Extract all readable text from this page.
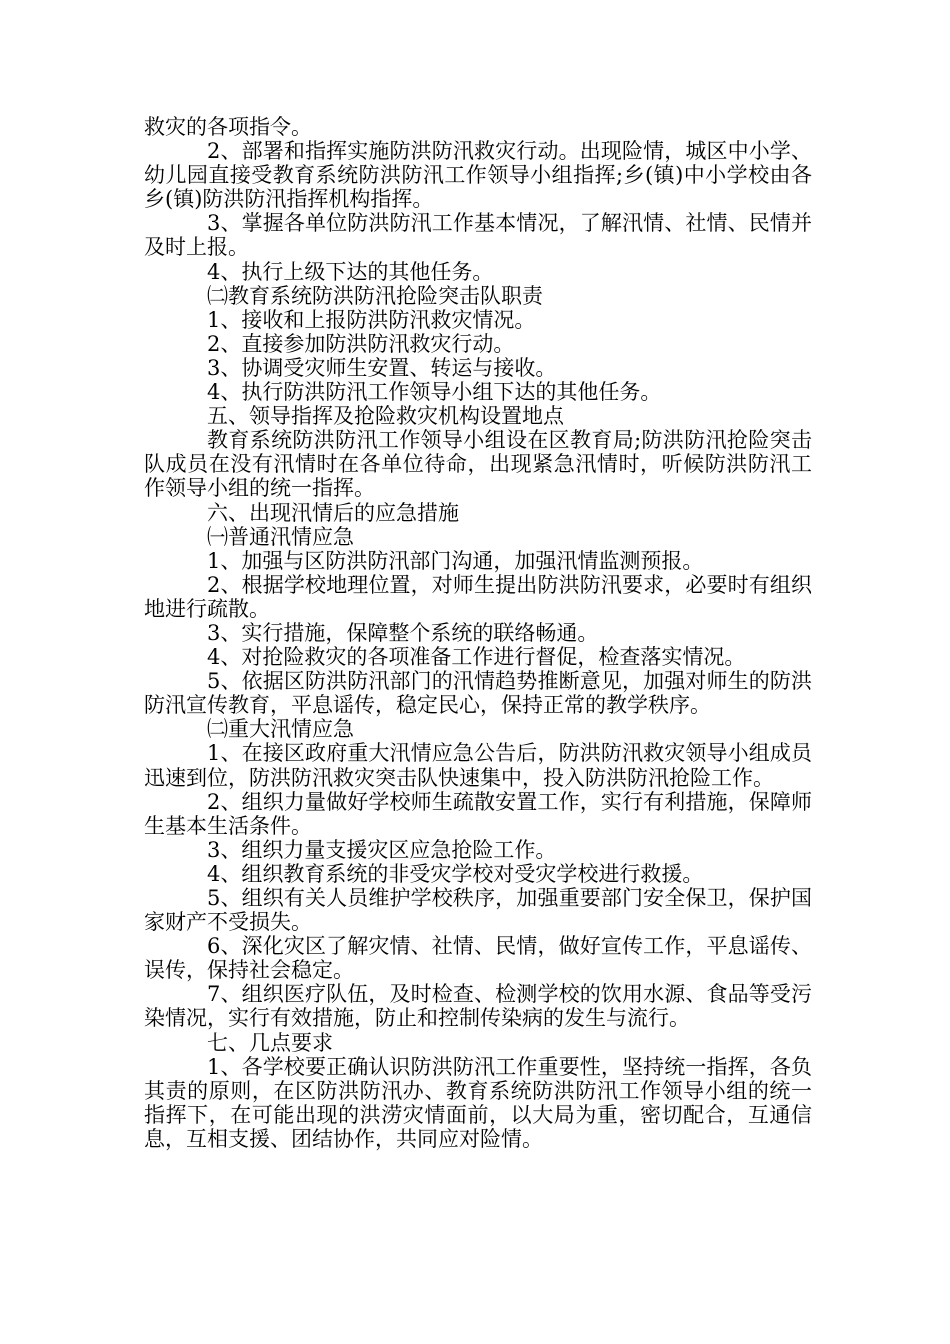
救灾的各项指令。

2、部署和指挥实施防洪防汛救灾行动。出现险情，城区中小学、幼儿园直接受教育系统防洪防汛工作领导小组指挥;乡(镇)中小学校由各乡(镇)防洪防汛指挥机构指挥。

3、掌握各单位防洪防汛工作基本情况，了解汛情、社情、民情并及时上报。

4、执行上级下达的其他任务。

㈡教育系统防洪防汛抢险突击队职责

1、接收和上报防洪防汛救灾情况。

2、直接参加防洪防汛救灾行动。

3、协调受灾师生安置、转运与接收。

4、执行防洪防汛工作领导小组下达的其他任务。

五、领导指挥及抢险救灾机构设置地点

教育系统防洪防汛工作领导小组设在区教育局;防洪防汛抢险突击队成员在没有汛情时在各单位待命，出现紧急汛情时，听候防洪防汛工作领导小组的统一指挥。

六、出现汛情后的应急措施

㈠普通汛情应急

1、加强与区防洪防汛部门沟通，加强汛情监测预报。

2、根据学校地理位置，对师生提出防洪防汛要求，必要时有组织地进行疏散。

3、实行措施，保障整个系统的联络畅通。

4、对抢险救灾的各项准备工作进行督促，检查落实情况。

5、依据区防洪防汛部门的汛情趋势推断意见，加强对师生的防洪防汛宣传教育，平息谣传，稳定民心，保持正常的教学秩序。

㈡重大汛情应急

1、在接区政府重大汛情应急公告后，防洪防汛救灾领导小组成员迅速到位，防洪防汛救灾突击队快速集中，投入防洪防汛抢险工作。

2、组织力量做好学校师生疏散安置工作，实行有利措施，保障师生基本生活条件。

3、组织力量支援灾区应急抢险工作。

4、组织教育系统的非受灾学校对受灾学校进行救援。

5、组织有关人员维护学校秩序，加强重要部门安全保卫，保护国家财产不受损失。

6、深化灾区了解灾情、社情、民情，做好宣传工作，平息谣传、误传，保持社会稳定。

7、组织医疗队伍，及时检查、检测学校的饮用水源、食品等受污染情况，实行有效措施，防止和控制传染病的发生与流行。

七、几点要求

1、各学校要正确认识防洪防汛工作重要性，坚持统一指挥，各负其责的原则，在区防洪防汛办、教育系统防洪防汛工作领导小组的统一指挥下，在可能出现的洪涝灾情面前，以大局为重，密切配合，互通信息，互相支援、团结协作，共同应对险情。
